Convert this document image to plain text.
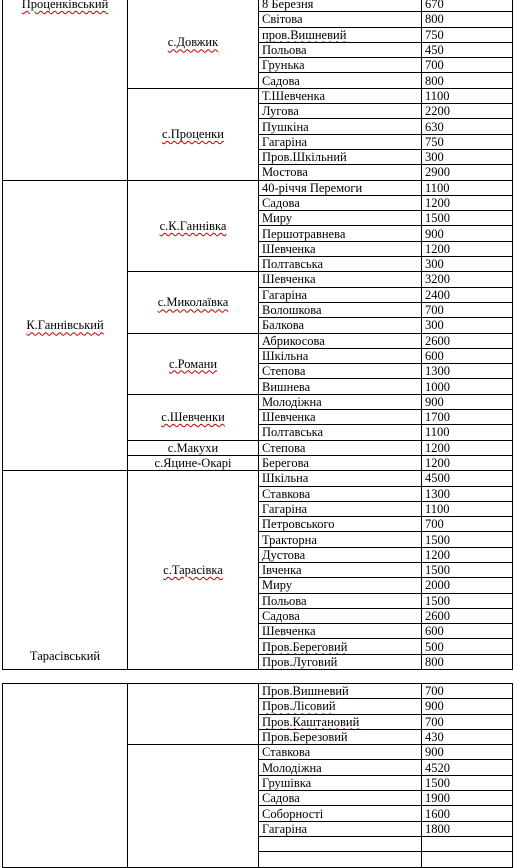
Проценківський	с.Довжик	8 Березня	670
		Світова	800
		пров.Вишневий	750
		Польова	450
		Грунька	700
		Садова	800
	с.Проценки	Т.Шевченка	1100
		Лугова	2200
		Пушкіна	630
		Гагаріна	750
		Пров.Шкільний	300
		Мостова	2900
К.Ганнівський	с.К.Ганнівка	40-річчя Перемоги	1100
		Садова	1200
		Миру	1500
		Першотравнева	900
		Шевченка	1200
		Полтавська	300
	с.Миколаївка	Шевченка	3200
		Гагаріна	2400
		Волошкова	700
		Балкова	300
	с.Романи	Абрикосова	2600
		Шкільна	600
		Степова	1300
		Вишнева	1000
	с.Шевченки	Молодіжна	900
		Шевченка	1700
		Полтавська	1100
	с.Макухи	Степова	1200
	с.Яцине-Окарі	Берегова	1200
Тарасівський	с.Тарасівка	Шкільна	4500
		Ставкова	1300
		Гагаріна	1100
		Петровського	700
		Тракторна	1500
		Дустова	1200
		Івченка	1500
		Миру	2000
		Польова	1500
		Садова	2600
		Шевченка	600
		Пров.Береговий	500
		Пров.Луговий	800
		Пров.Вишневий	700
		Пров.Лісовий	900
		Пров.Каштановий	700
		Пров.Березовий	430
		Ставкова	900
		Молодіжна	4520
		Грушівка	1500
		Садова	1900
		Соборності	1600
		Гагаріна	1800
